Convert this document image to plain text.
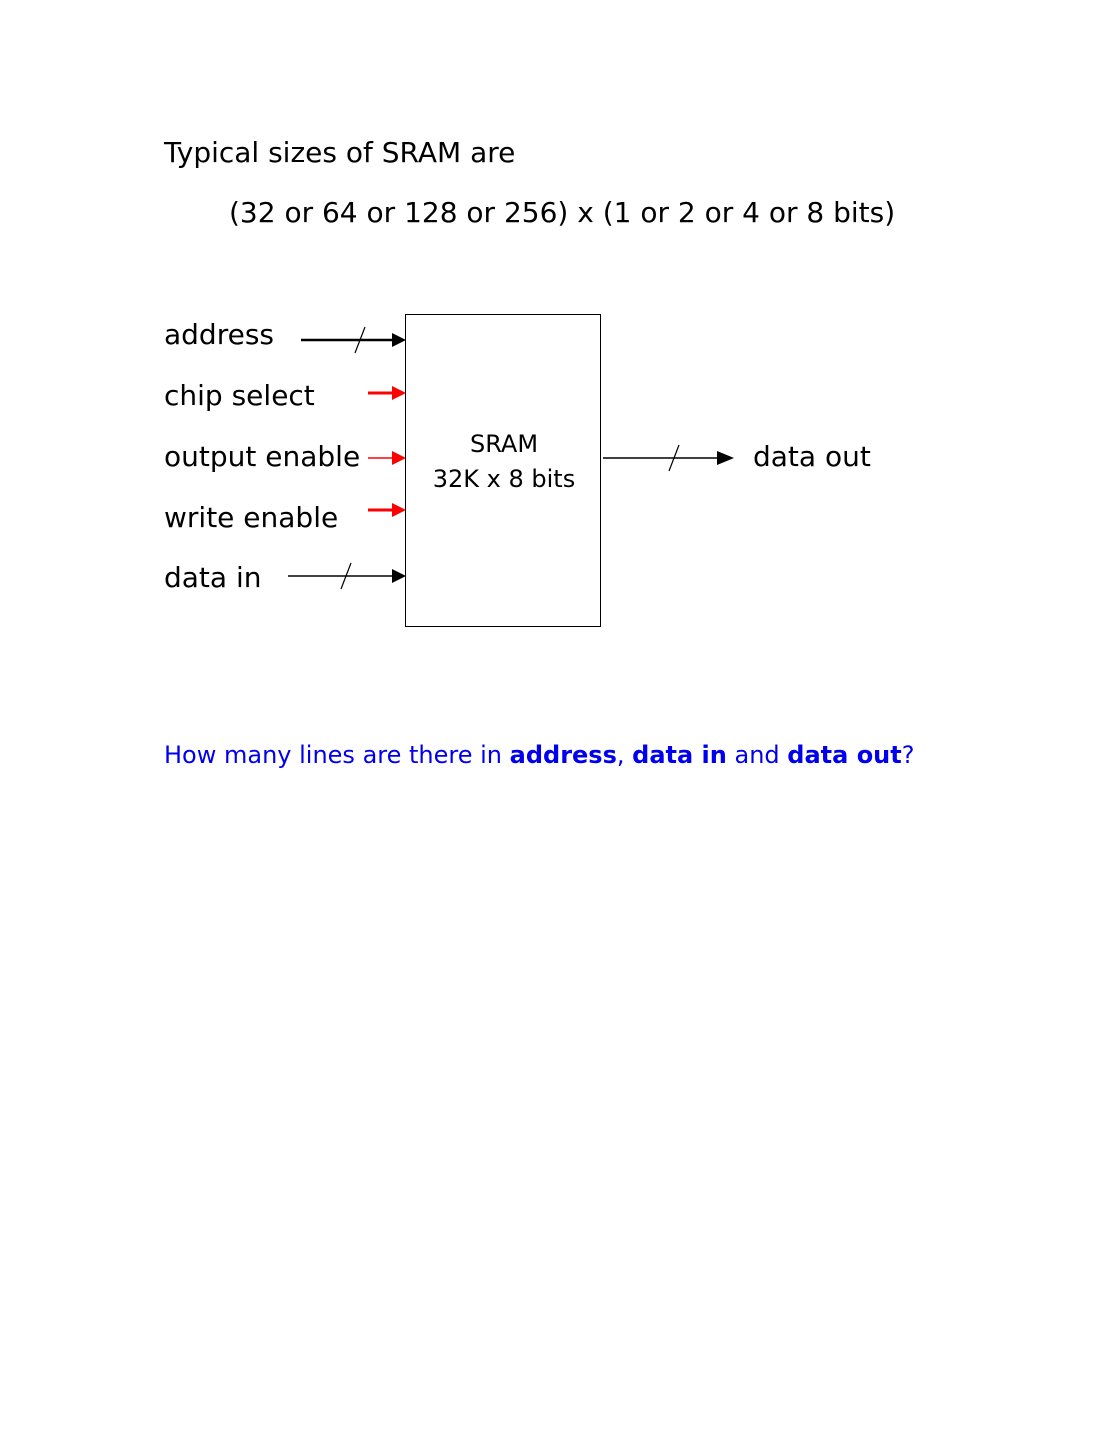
Typical sizes of SRAM are

(32 or 64 or 128 or 256) x (1 or 2 or 4 or 8 bits)

address
chip select
output enable
write enable
data in
data out
SRAM
32K x 8 bits

How many lines are there in address, data in and data out?
